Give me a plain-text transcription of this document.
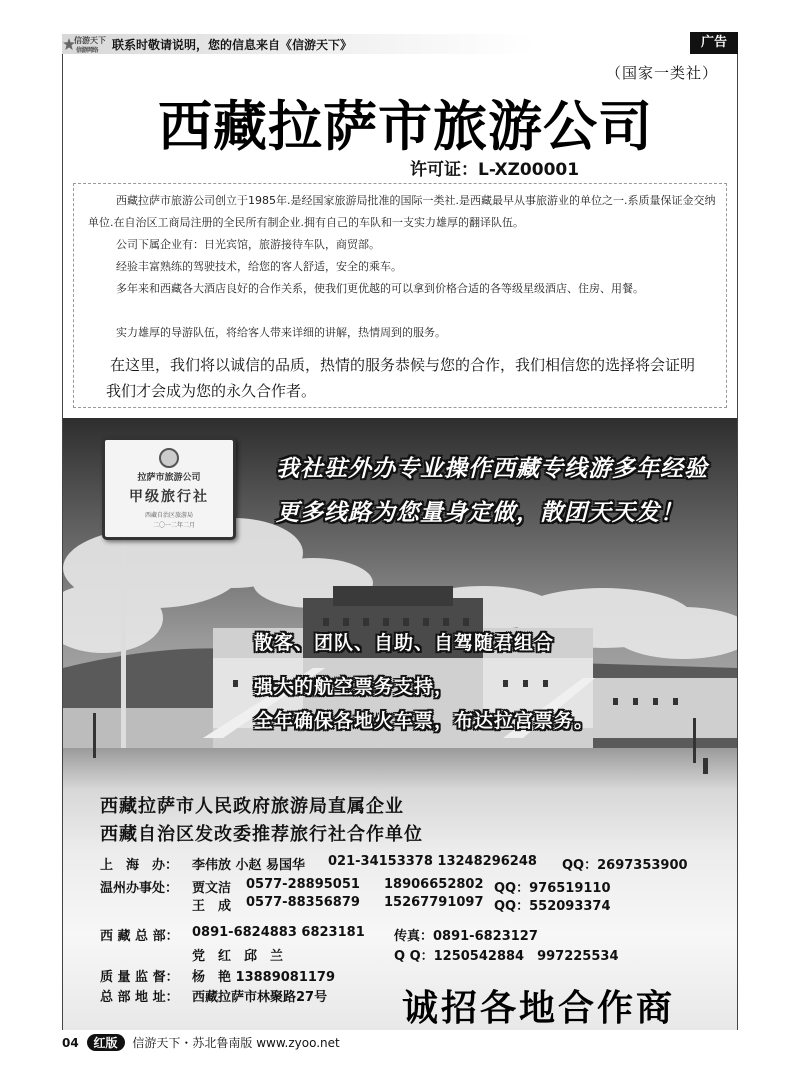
信游天下
信游网络 联系时敬请说明，您的信息来自《信游天下》	广告
（国家一类社）
西藏拉萨市旅游公司
许可证：L-XZ00001

西藏拉萨市旅游公司创立于1985年.是经国家旅游局批准的国际一类社.是西藏最早从事旅游业的单位之一.系质量保证金交纳单位.在自治区工商局注册的全民所有制企业.拥有自己的车队和一支实力雄厚的翻译队伍。

公司下属企业有：日光宾馆，旅游接待车队，商贸部。

经验丰富熟练的驾驶技术，给您的客人舒适，安全的乘车。

多年来和西藏各大酒店良好的合作关系，使我们更优越的可以拿到价格合适的各等级星级酒店、住房、用餐。

实力雄厚的导游队伍，将给客人带来详细的讲解，热情周到的服务。

在这里，我们将以诚信的品质，热情的服务恭候与您的合作，我们相信您的选择将会证明我们才会成为您的永久合作者。
拉萨市旅游公司
甲级旅行社
西藏自治区旅游局
二〇一二年二月
我社驻外办专业操作西藏专线游多年经验
更多线路为您量身定做，散团天天发！
散客、团队、自助、自驾随君组合
强大的航空票务支持，
全年确保各地火车票，布达拉宫票务。
西藏拉萨市人民政府旅游局直属企业
西藏自治区发改委推荐旅行社合作单位
上　海　办： 李伟放 小赵 易国华 021-34153378 13248296248 QQ：2697353900
温州办事处： 贾文洁 0577-28895051 18906652802 QQ：976519110
王　成 0577-88356879 15267791097 QQ：552093374
西 藏 总 部： 0891-6824883 6823181 传真：0891-6823127
党　红　邱　兰	Q Q：1250542884　997225534
质 量 监 督： 杨　艳 13889081179
总 部 地 址： 西藏拉萨市林聚路27号 诚招各地合作商
04 红版 信游天下・苏北鲁南版 www.zyoo.net
